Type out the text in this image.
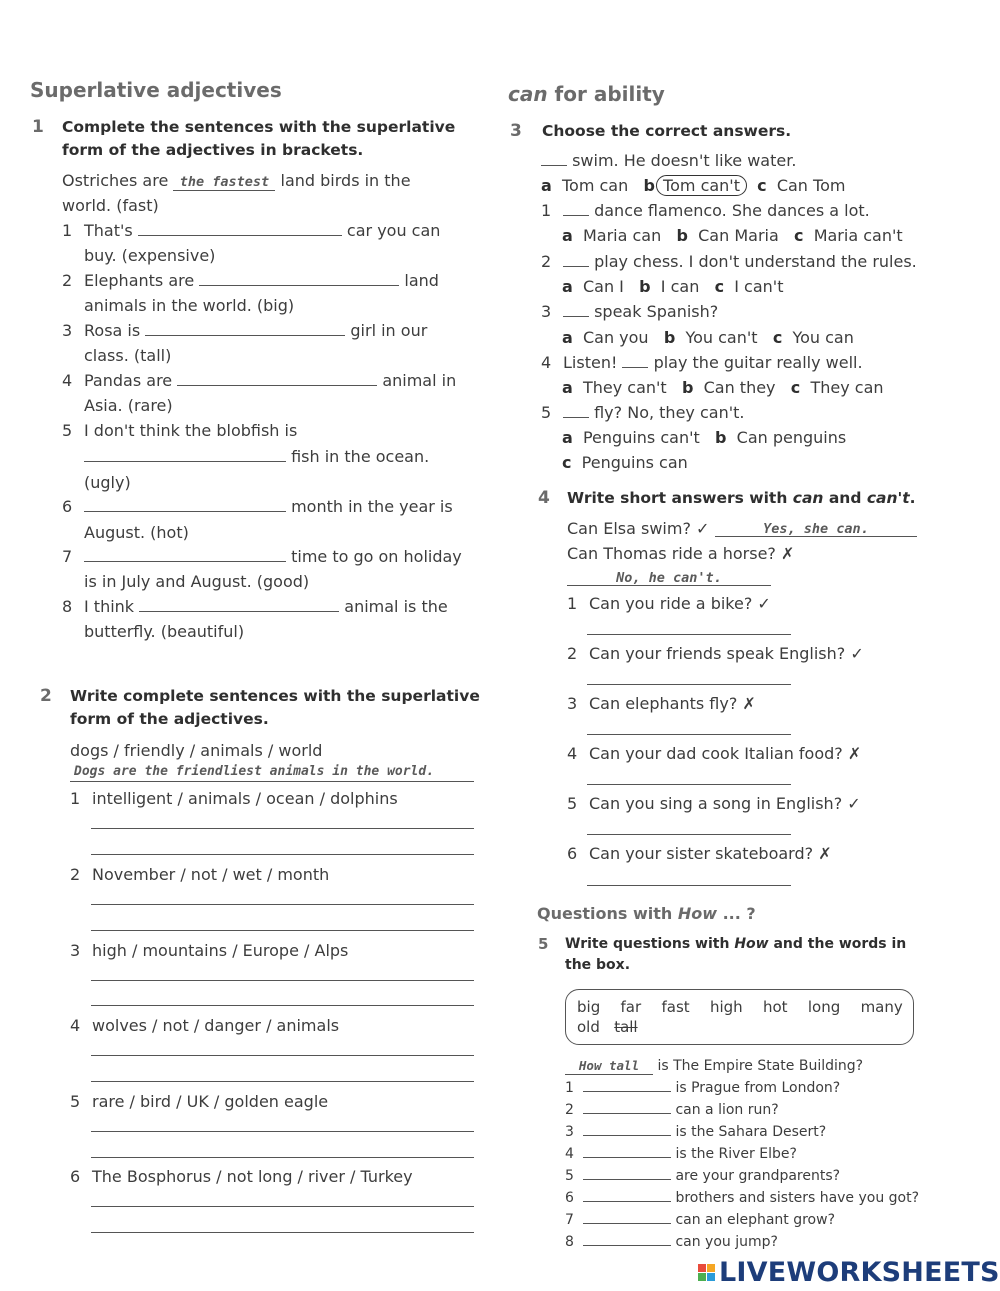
Superlative adjectives
1 Complete the sentences with the superlative
form of the adjectives in brackets.
Ostriches are the fastest land birds in the
world. (fast)
1 That's	car you can
buy. (expensive)
2 Elephants are	land
animals in the world. (big)
3 Rosa is	girl in our
class. (tall)
4 Pandas are	animal in
Asia. (rare)
5 I don't think the blobfish is
fish in the ocean.
(ugly)
6	month in the year is
August. (hot)
7	time to go on holiday
is in July and August. (good)
8 I think	animal is the
butterfly. (beautiful)
2 Write complete sentences with the superlative
form of the adjectives.
dogs / friendly / animals / world
Dogs are the friendliest animals in the world.
1 intelligent / animals / ocean / dolphins
2 November / not / wet / month
3 high / mountains / Europe / Alps
4 wolves / not / danger / animals
5 rare / bird / UK / golden eagle
6 The Bosphorus / not long / river / Turkey
can for ability
3 Choose the correct answers.
swim. He doesn't like water.
a Tom can b Tom can't c Can Tom
1	dance flamenco. She dances a lot.
a Maria can b Can Maria c Maria can't
2	play chess. I don't understand the rules.
a Can I b I can c I can't
3	speak Spanish?
a Can you b You can't c You can
4 Listen! play the guitar really well.
a They can't b Can they c They can
5	fly? No, they can't.
a Penguins can't b Can penguins
c Penguins can
4 Write short answers with can and can't.
Can Elsa swim? ✓	Yes, she can.
Can Thomas ride a horse? ✗
No, he can't.
1 Can you ride a bike? ✓
2 Can your friends speak English? ✓
3 Can elephants fly? ✗
4 Can your dad cook Italian food? ✗
5 Can you sing a song in English? ✓
6 Can your sister skateboard? ✗
Questions with How ... ?
5 Write questions with How and the words in
the box.
big far fast high hot long many
old tall
How tall is The Empire State Building?
1	is Prague from London?
2	can a lion run?
3	is the Sahara Desert?
4	is the River Elbe?
5	are your grandparents?
6	brothers and sisters have you got?
7	can an elephant grow?
8	can you jump?
LIVEWORKSHEETS
